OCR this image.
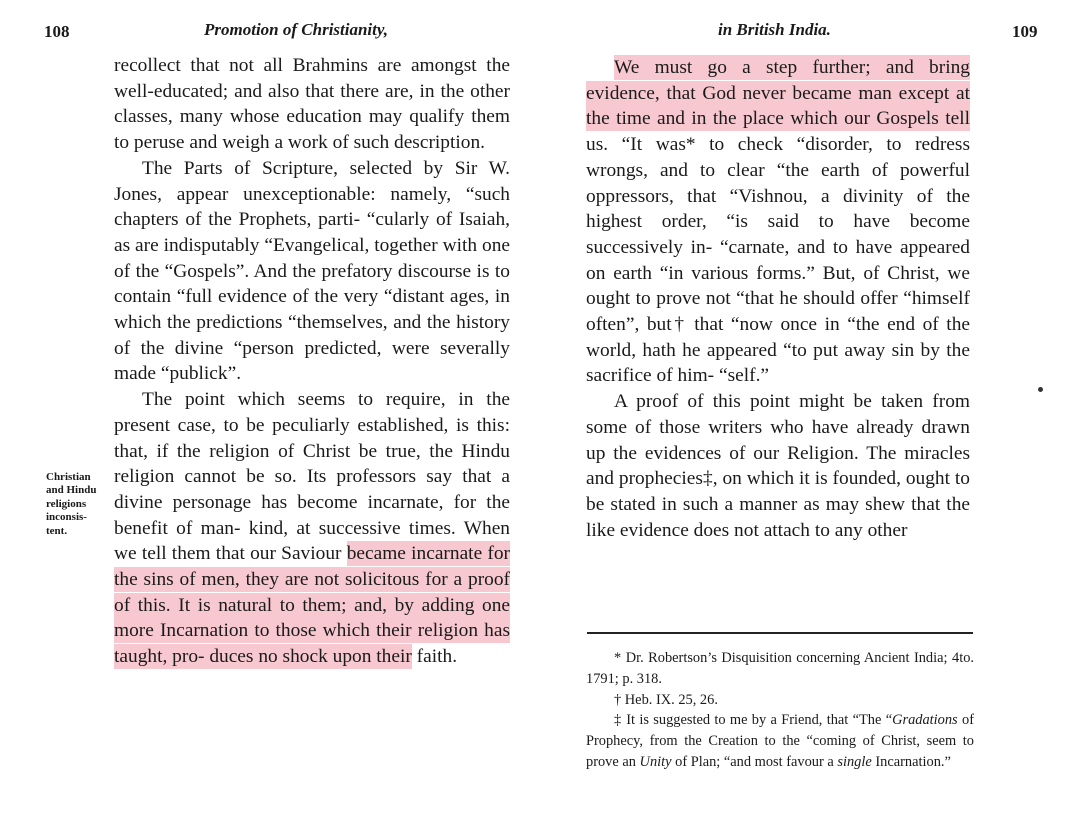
108	Promotion of Christianity,
Christian
and Hindu
religions
inconsis-
tent.

recollect that not all Brahmins are amongst the well-educated; and also that there are, in the other classes, many whose education may qualify them to peruse and weigh a work of such description.

The Parts of Scripture, selected by Sir W. Jones, appear unexceptionable: namely, “such chapters of the Prophets, parti- “cularly of Isaiah, as are indisputably “Evangelical, together with one of the “Gospels”. And the prefatory discourse is to contain “full evidence of the very “distant ages, in which the predictions “themselves, and the history of the divine “person predicted, were severally made “publick”.

The point which seems to require, in the present case, to be peculiarly established, is this: that, if the religion of Christ be true, the Hindu religion cannot be so. Its professors say that a divine personage has become incarnate, for the benefit of man- kind, at successive times. When we tell them that our Saviour became incarnate for the sins of men, they are not solicitous for a proof of this. It is natural to them; and, by adding one more Incarnation to those which their religion has taught, pro- duces no shock upon their faith.

in British India.	109

We must go a step further; and bring evidence, that God never became man except at the time and in the place which our Gospels tell us. “It was* to check “disorder, to redress wrongs, and to clear “the earth of powerful oppressors, that “Vishnou, a divinity of the highest order, “is said to have become successively in- “carnate, and to have appeared on earth “in various forms.” But, of Christ, we ought to prove not “that he should offer “himself often”, but† that “now once in “the end of the world, hath he appeared “to put away sin by the sacrifice of him- “self.”

A proof of this point might be taken from some of those writers who have already drawn up the evidences of our Religion. The miracles and prophecies‡, on which it is founded, ought to be stated in such a manner as may shew that the like evidence does not attach to any other

* Dr. Robertson’s Disquisition concerning Ancient India; 4to. 1791; p. 318.

† Heb. IX. 25, 26.

‡ It is suggested to me by a Friend, that “The “Gradations of Prophecy, from the Creation to the “coming of Christ, seem to prove an Unity of Plan; “and most favour a single Incarnation.”
